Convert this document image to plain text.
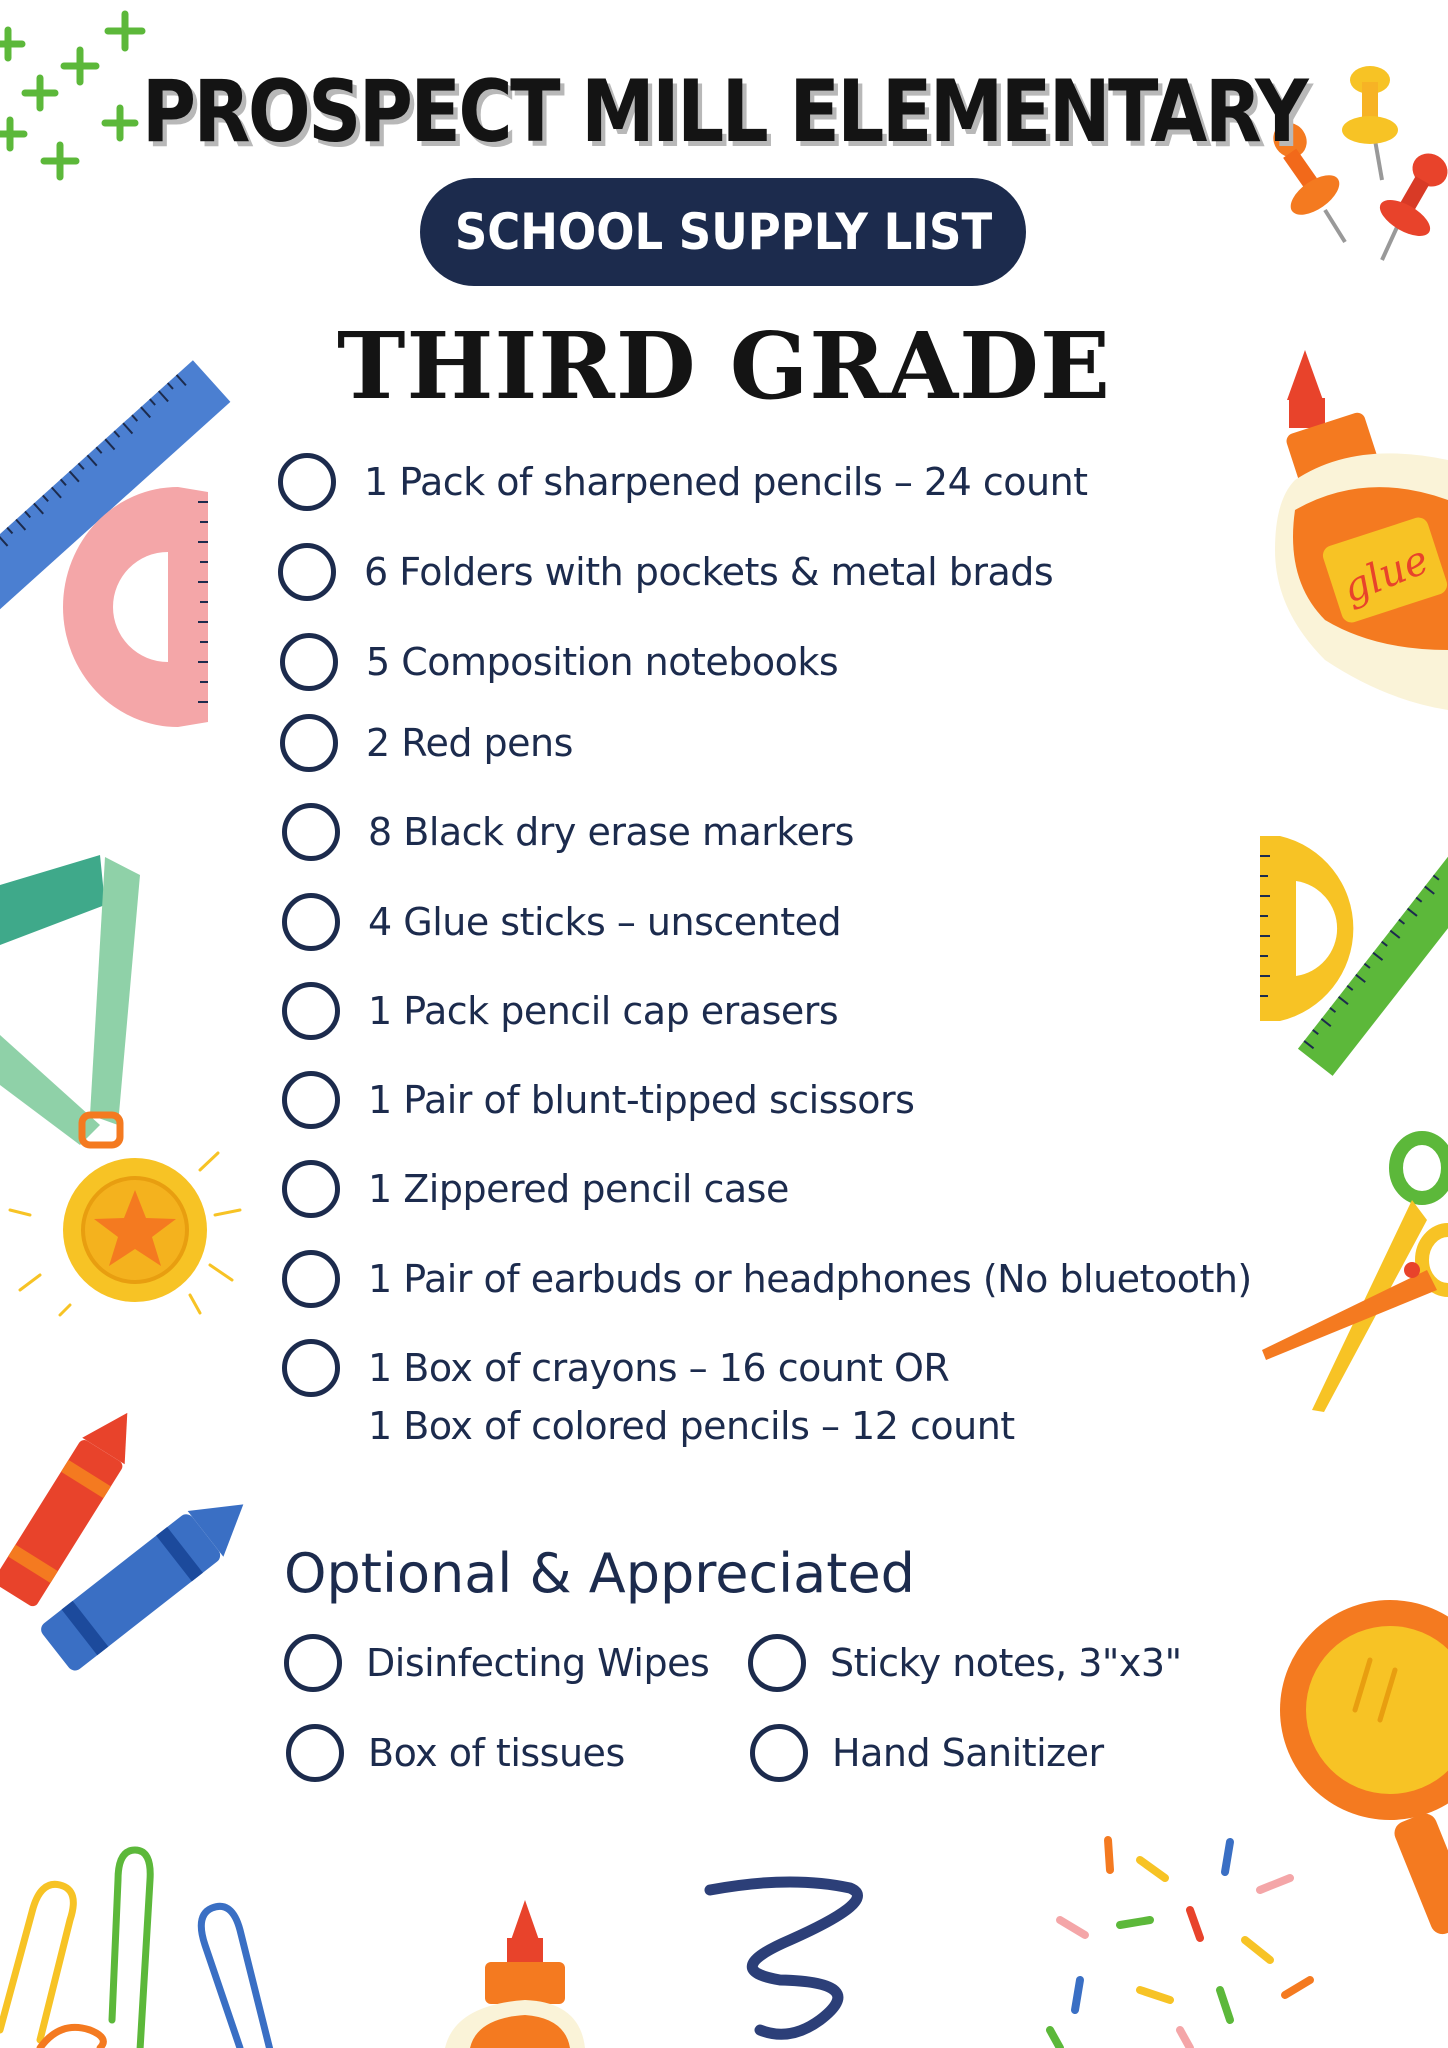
glue
PROSPECT MILL ELEMENTARY
SCHOOL SUPPLY LIST
THIRD GRADE
1 Pack of sharpened pencils – 24 count
6 Folders with pockets & metal brads
5 Composition notebooks
2 Red pens
8 Black dry erase markers
4 Glue sticks – unscented
1 Pack pencil cap erasers
1 Pair of blunt-tipped scissors
1 Zippered pencil case
1 Pair of earbuds or headphones (No bluetooth)
1 Box of crayons – 16 count OR
1 Box of colored pencils – 12 count
Optional & Appreciated
Disinfecting Wipes	Sticky notes, 3"x3"
Box of tissues	Hand Sanitizer
